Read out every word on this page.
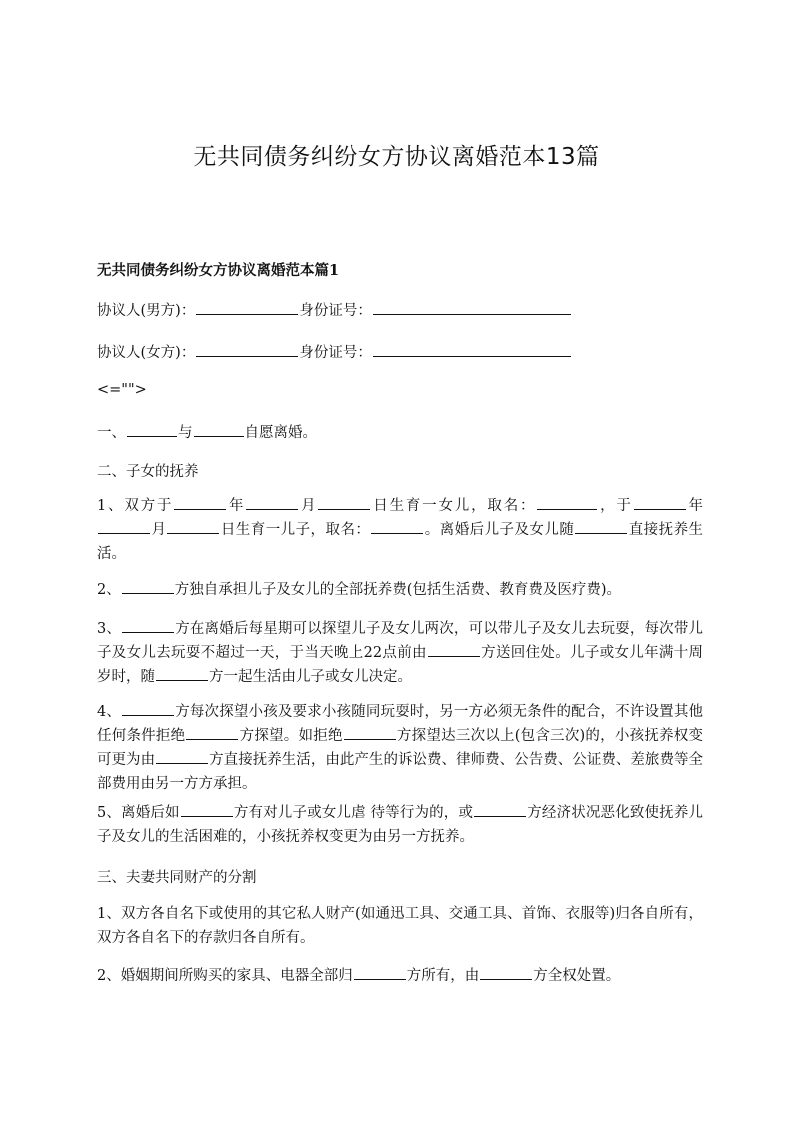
无共同债务纠纷女方协议离婚范本13篇
无共同债务纠纷女方协议离婚范本篇1
协议人(男方)：	身份证号：
协议人(女方)：	身份证号：
<="">
一、	与	自愿离婚。
二、子女的抚养
1、双方于	年	月	日生育一女儿，取名：	，于	年月	日生育一儿子，取名：	。离婚后儿子及女儿随	直接抚养生活。
2、	方独自承担儿子及女儿的全部抚养费(包括生活费、教育费及医疗费)。
3、	方在离婚后每星期可以探望儿子及女儿两次，可以带儿子及女儿去玩耍，每次带儿子及女儿去玩耍不超过一天，于当天晚上22点前由	方送回住处。儿子或女儿年满十周岁时，随	方一起生活由儿子或女儿决定。
4、	方每次探望小孩及要求小孩随同玩耍时，另一方必须无条件的配合，不许设置其他任何条件拒绝	方探望。如拒绝	方探望达三次以上(包含三次)的，小孩抚养权变可更为由	方直接抚养生活，由此产生的诉讼费、律师费、公告费、公证费、差旅费等全部费用由另一方方承担。
5、离婚后如	方有对儿子或女儿虐 待等行为的，或	方经济状况恶化致使抚养儿子及女儿的生活困难的，小孩抚养权变更为由另一方抚养。
三、夫妻共同财产的分割
1、双方各自名下或使用的其它私人财产(如通迅工具、交通工具、首饰、衣服等)归各自所有，双方各自名下的存款归各自所有。
2、婚姻期间所购买的家具、电器全部归	方所有，由	方全权处置。
